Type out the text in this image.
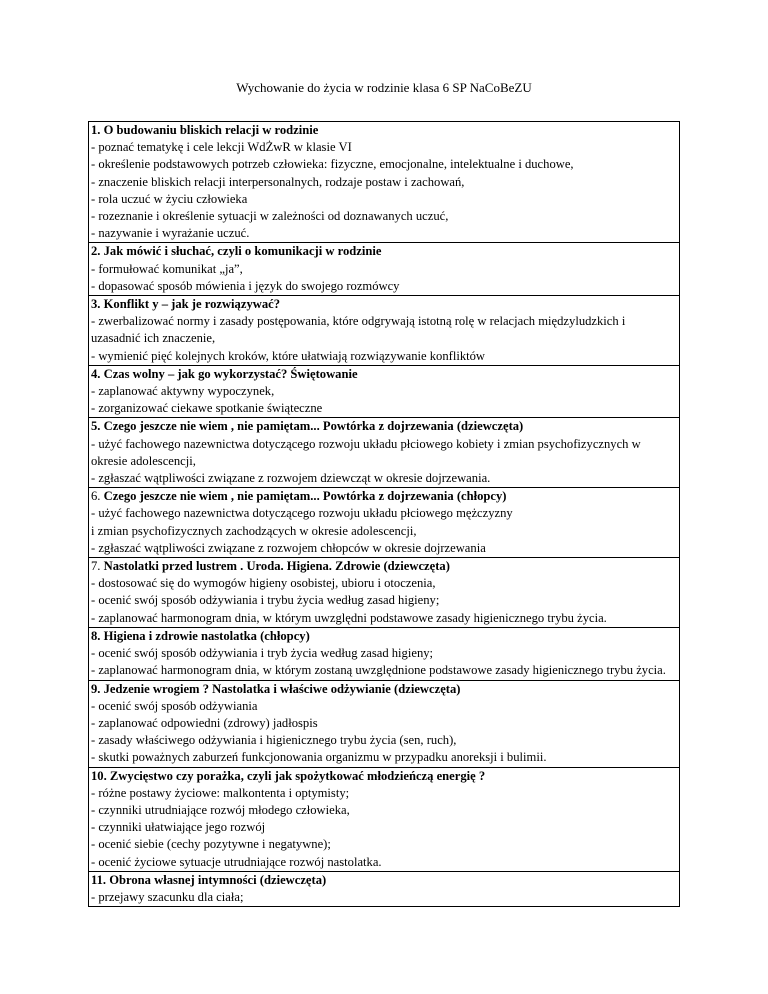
Wychowanie do życia w rodzinie klasa 6 SP NaCoBeZU
1. O budowaniu bliskich relacji w rodzinie
- poznać tematykę i cele lekcji WdŻwR w klasie VI
- określenie podstawowych potrzeb człowieka: fizyczne, emocjonalne, intelektualne i duchowe,
- znaczenie bliskich relacji interpersonalnych, rodzaje postaw i zachowań,
- rola uczuć w życiu człowieka
- rozeznanie i określenie sytuacji w zależności od doznawanych uczuć,
- nazywanie i wyrażanie uczuć.

2. Jak mówić i słuchać, czyli o komunikacji w rodzinie
- formułować komunikat „ja”,
- dopasować sposób mówienia i język do swojego rozmówcy

3. Konflikt y – jak je rozwiązywać?
- zwerbalizować normy i zasady postępowania, które odgrywają istotną rolę w relacjach międzyludzkich i uzasadnić ich znaczenie,
- wymienić pięć kolejnych kroków, które ułatwiają rozwiązywanie konfliktów

4. Czas wolny – jak go wykorzystać? Świętowanie
- zaplanować aktywny wypoczynek,
- zorganizować ciekawe spotkanie świąteczne

5. Czego jeszcze nie wiem , nie pamiętam... Powtórka z dojrzewania (dziewczęta)
- użyć fachowego nazewnictwa dotyczącego rozwoju układu płciowego kobiety i zmian psychofizycznych w okresie adolescencji,
- zgłaszać wątpliwości związane z rozwojem dziewcząt w okresie dojrzewania.

6. Czego jeszcze nie wiem , nie pamiętam... Powtórka z dojrzewania (chłopcy)
- użyć fachowego nazewnictwa dotyczącego rozwoju układu płciowego mężczyzny
i zmian psychofizycznych zachodzących w okresie adolescencji,
- zgłaszać wątpliwości związane z rozwojem chłopców w okresie dojrzewania

7. Nastolatki przed lustrem . Uroda. Higiena. Zdrowie (dziewczęta)
- dostosować się do wymogów higieny osobistej, ubioru i otoczenia,
- ocenić swój sposób odżywiania i trybu życia według zasad higieny;
- zaplanować harmonogram dnia, w którym uwzględni podstawowe zasady higienicznego trybu życia.

8. Higiena i zdrowie nastolatka (chłopcy)
- ocenić swój sposób odżywiania i tryb życia według zasad higieny;
- zaplanować harmonogram dnia, w którym zostaną uwzględnione podstawowe zasady higienicznego trybu życia.

9. Jedzenie wrogiem ? Nastolatka i właściwe odżywianie (dziewczęta)
- ocenić swój sposób odżywiania
- zaplanować odpowiedni (zdrowy) jadłospis
- zasady właściwego odżywiania i higienicznego trybu życia (sen, ruch),
- skutki poważnych zaburzeń funkcjonowania organizmu w przypadku anoreksji i bulimii.

10. Zwycięstwo czy porażka, czyli jak spożytkować młodzieńczą energię ?
- różne postawy życiowe: malkontenta i optymisty;
- czynniki utrudniające rozwój młodego człowieka,
- czynniki ułatwiające jego rozwój
- ocenić siebie (cechy pozytywne i negatywne);
- ocenić życiowe sytuacje utrudniające rozwój nastolatka.

11. Obrona własnej intymności (dziewczęta)
- przejawy szacunku dla ciała;
